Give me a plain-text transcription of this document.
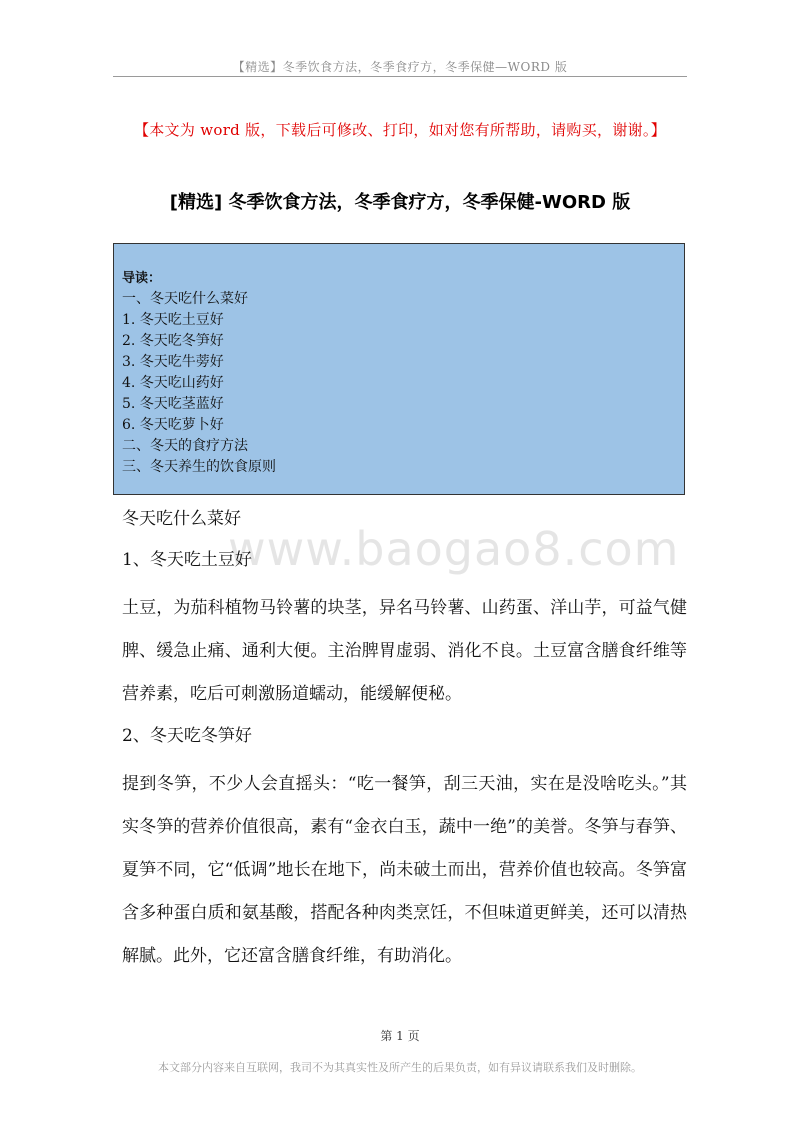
【精选】冬季饮食方法，冬季食疗方，冬季保健—WORD 版
【本文为 word 版，下载后可修改、打印，如对您有所帮助，请购买，谢谢。】
[精选] 冬季饮食方法，冬季食疗方，冬季保健-WORD 版
导读：
一、冬天吃什么菜好
1. 冬天吃土豆好
2. 冬天吃冬笋好
3. 冬天吃牛蒡好
4. 冬天吃山药好
5. 冬天吃茎蓝好
6. 冬天吃萝卜好
二、冬天的食疗方法
三、冬天养生的饮食原则
www.baogao8.com
冬天吃什么菜好
1、冬天吃土豆好
土豆，为茄科植物马铃薯的块茎，异名马铃薯、山药蛋、洋山芋，可益气健脾、缓急止痛、通利大便。主治脾胃虚弱、消化不良。土豆富含膳食纤维等营养素，吃后可刺激肠道蠕动，能缓解便秘。
2、冬天吃冬笋好
提到冬笋，不少人会直摇头：“吃一餐笋，刮三天油，实在是没啥吃头。”其实冬笋的营养价值很高，素有“金衣白玉，蔬中一绝”的美誉。冬笋与春笋、夏笋不同，它“低调”地长在地下，尚未破土而出，营养价值也较高。冬笋富含多种蛋白质和氨基酸，搭配各种肉类烹饪，不但味道更鲜美，还可以清热解腻。此外，它还富含膳食纤维，有助消化。
第 1 页
本文部分内容来自互联网，我司不为其真实性及所产生的后果负责，如有异议请联系我们及时删除。
